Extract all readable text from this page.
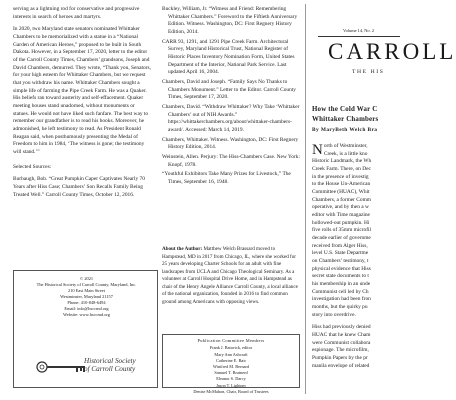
serving as a lightning rod for conservative and progressive interests in search of heroes and martyrs.

In 2020, two Maryland state senators nominated Whittaker Chambers to be memorialized with a statue in a “National Garden of American Heroes,” proposed to be built in South Dakota. However, in a September 17, 2020, letter to the editor of the Carroll County Times, Chambers’ grandsons, Joseph and David Chambers, demurred. They wrote, “Thank you, Senators, for your high esteem for Whittaker Chambers, but we request that you withdraw his name. Whittaker Chambers sought a simple life of farming the Pipe Creek Farm. He was a Quaker. His beliefs ran toward austerity and self-effacement. Quaker meeting houses stand unadorned, without monuments or statues. He would not have liked such fanfare. The best way to remember our grandfather is to read his books. Moreover, he admonished, he left testimony to read. As President Ronald Reagan said, when posthumously presenting the Medal of Freedom to him in 1984, ‘The witness is gone; the testimony will stand.’”

Selected Sources:

Burbaugh, Bob. “Great Pumpkin Caper Captivates Nearly 70 Years after Hiss Case; Chambers’ Son Recalls Family Being Treated Well.” Carroll County Times, October 12, 2016.

Buckley, William, Jr. “Witness and Friend: Remembering Whittaker Chambers.” Foreword to the Fiftieth Anniversary Edition. Witness. Washington, DC: First Regnery History Edition, 2014.

CARR 93, 1291, and 1291 Pipe Creek Farm. Architectural Survey, Maryland Historical Trust, National Register of Historic Places Inventory Nomination Form, United States Department of the Interior, National Park Service. Last updated April 16, 2004.

Chambers, David and Joseph. “Family Says No Thanks to Chambers Monument.” Letter to the Editor. Carroll County Times, September 17, 2020.

Chambers, David. “Withdraw Whittaker? Why Take ‘Whittaker Chambers’ out of NIH Awards.” https://whittakerchambers.org/about/whittaker-chambers-award/. Accessed: March 14, 2019.

Chambers, Whittaker. Witness. Washington, DC: First Regnery History Edition, 2014.

Weinstein, Allen. Perjury: The Hiss-Chambers Case. New York: Knopf, 1978.

“Youthful Exhibitors Take Many Prizes for Livestock,” The Times, September 16, 1948.

About the Author: Matthew Welch Brassard moved to Hampstead, MD in 2017 from Chicago, IL, where she worked for 25 years developing Charter Schools for an adult with fine landscapes from UCLA and Chicago Theological Seminary. As a volunteer at Carroll Hospital Drive Home, and in Hampstead as chair of the Henry Angele Alliance Carroll County, a local alliance of the national organization, founded in 2016 to find common ground among Americans with opposing views.
© 2021
The Historical Society of Carroll County, Maryland, Inc.
210 East Main Street
Westminster, Maryland 21157
Phone: 410-848-6494
Email: info@hsccmd.org
Website: www.hsccmd.org
Historical Society
of Carroll County
Publication Committee Members
Frank J. Batavick, editor
Mary Ann Ashcraft
Catherine E. Bair
Winifred M. Bernard
Samuel T. Brainerd
Eleanor S. Darcy
Jason T. Lightner
Denise McMahon, Chair, Board of Trustees
Volume 14, No. 2
CARROLL
THE HIS
How the Cold War C
Whittaker Chambers
By MaryBeth Welch Bra

N orth of Westminster,
Creek, is a little kno
Historic Landmark, the Wh
Creek Farm. There, on Dec
in the presence of investig
to the House Un-American
Committee (HUAC), Whit
Chambers, a former Comm
operative, and by then a w
editor with Time magazine
hollowed-out pumpkin. Hi
five rolls of 35mm microfil
decade earlier of governme
received from Alger Hiss,
level U.S. State Departme
on Chambers’ testimony, t
physical evidence that Hiss
secret state documents to t
his membership in an unde
Communist cell led by Ch
investigation had been fron
months, but the quirky pu
story into overdrive.

Hiss had previously denied
HUAC that he knew Cham
were Communist collabora
espionage. The microfilm,
Pumpkin Papers by the pr
manila envelope of related
